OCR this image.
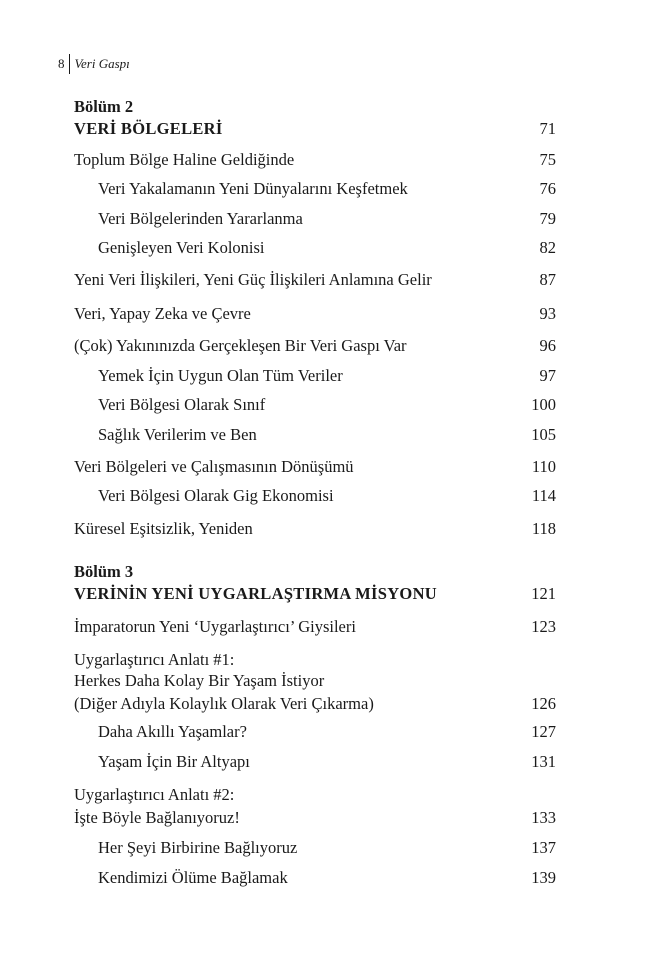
8 Veri Gaspı
Bölüm 2
VERİ BÖLGELERİ	71
Toplum Bölge Haline Geldiğinde	75
Veri Yakalamanın Yeni Dünyalarını Keşfetmek	76
Veri Bölgelerinden Yararlanma	79
Genişleyen Veri Kolonisi	82
Yeni Veri İlişkileri, Yeni Güç İlişkileri Anlamına Gelir	87
Veri, Yapay Zeka ve Çevre	93
(Çok) Yakınınızda Gerçekleşen Bir Veri Gaspı Var	96
Yemek İçin Uygun Olan Tüm Veriler	97
Veri Bölgesi Olarak Sınıf	100
Sağlık Verilerim ve Ben	105
Veri Bölgeleri ve Çalışmasının Dönüşümü	110
Veri Bölgesi Olarak Gig Ekonomisi	114
Küresel Eşitsizlik, Yeniden	118
Bölüm 3
VERİNİN YENİ UYGARLAŞTIRMA MİSYONU	121
İmparatorun Yeni ‘Uygarlaştırıcı’ Giysileri	123
Uygarlaştırıcı Anlatı #1:
Herkes Daha Kolay Bir Yaşam İstiyor
(Diğer Adıyla Kolaylık Olarak Veri Çıkarma)	126
Daha Akıllı Yaşamlar?	127
Yaşam İçin Bir Altyapı	131
Uygarlaştırıcı Anlatı #2:
İşte Böyle Bağlanıyoruz!	133
Her Şeyi Birbirine Bağlıyoruz	137
Kendimizi Ölüme Bağlamak	139
